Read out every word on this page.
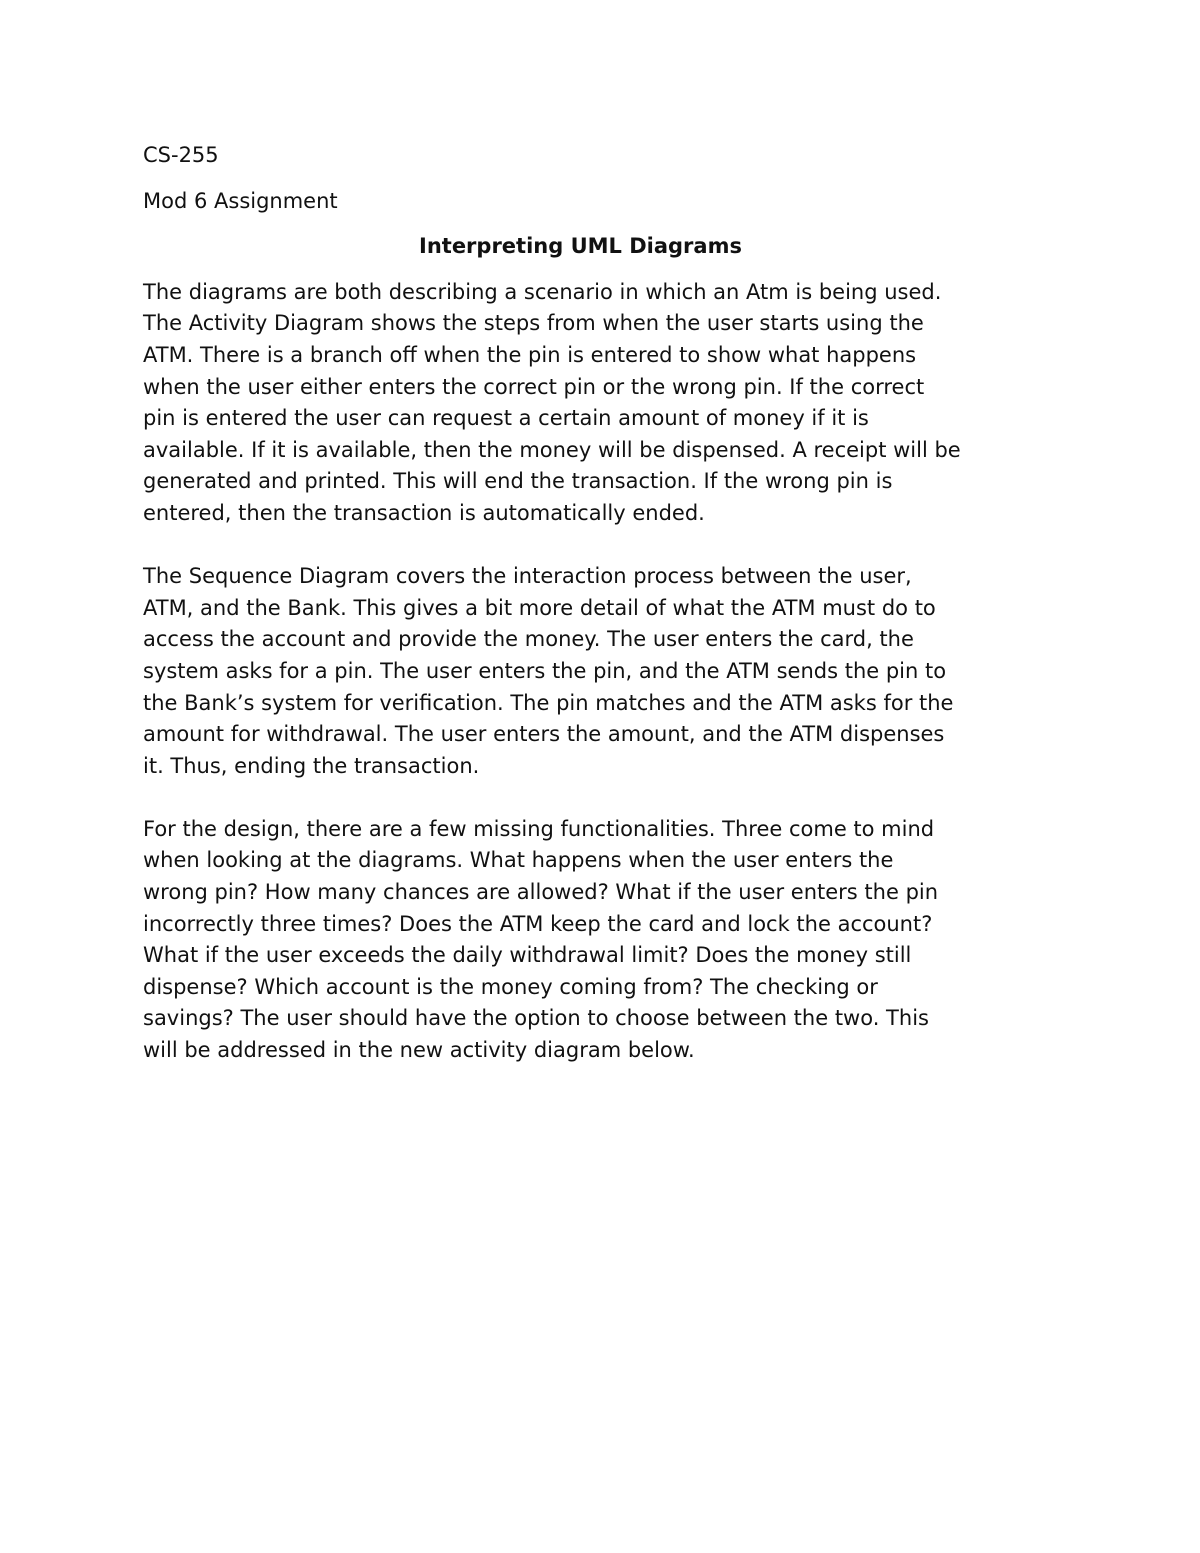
CS-255
Mod 6 Assignment
Interpreting UML Diagrams
The diagrams are both describing a scenario in which an Atm is being used.
The Activity Diagram shows the steps from when the user starts using the
ATM. There is a branch off when the pin is entered to show what happens
when the user either enters the correct pin or the wrong pin. If the correct
pin is entered the user can request a certain amount of money if it is
available. If it is available, then the money will be dispensed. A receipt will be
generated and printed. This will end the transaction. If the wrong pin is
entered, then the transaction is automatically ended.
The Sequence Diagram covers the interaction process between the user,
ATM, and the Bank. This gives a bit more detail of what the ATM must do to
access the account and provide the money. The user enters the card, the
system asks for a pin. The user enters the pin, and the ATM sends the pin to
the Bank’s system for verification. The pin matches and the ATM asks for the
amount for withdrawal. The user enters the amount, and the ATM dispenses
it. Thus, ending the transaction.
For the design, there are a few missing functionalities. Three come to mind
when looking at the diagrams. What happens when the user enters the
wrong pin? How many chances are allowed? What if the user enters the pin
incorrectly three times? Does the ATM keep the card and lock the account?
What if the user exceeds the daily withdrawal limit? Does the money still
dispense? Which account is the money coming from? The checking or
savings? The user should have the option to choose between the two. This
will be addressed in the new activity diagram below.
